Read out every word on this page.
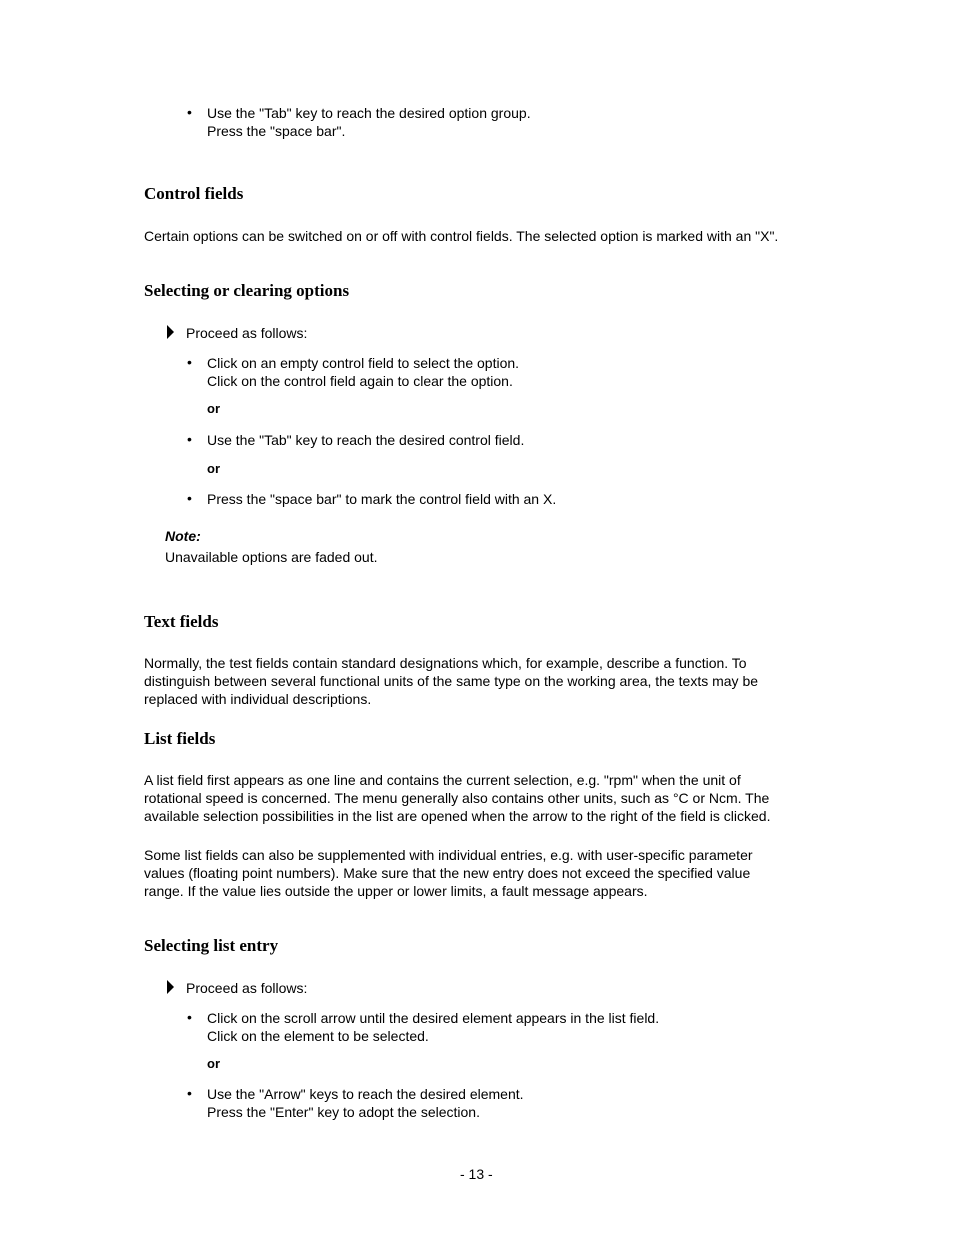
• Use the "Tab" key to reach the desired option group.
Press the "space bar".
Control fields
Certain options can be switched on or off with control fields. The selected option is marked with an "X".
Selecting or clearing options
Proceed as follows:
• Click on an empty control field to select the option.
Click on the control field again to clear the option.
or
• Use the "Tab" key to reach the desired control field.
or
• Press the "space bar" to mark the control field with an X.
Note:
Unavailable options are faded out.
Text fields
Normally, the test fields contain standard designations which, for example, describe a function. To
distinguish between several functional units of the same type on the working area, the texts may be
replaced with individual descriptions.
List fields
A list field first appears as one line and contains the current selection, e.g. "rpm" when the unit of
rotational speed is concerned. The menu generally also contains other units, such as °C or Ncm. The
available selection possibilities in the list are opened when the arrow to the right of the field is clicked.
Some list fields can also be supplemented with individual entries, e.g. with user-specific parameter
values (floating point numbers). Make sure that the new entry does not exceed the specified value
range. If the value lies outside the upper or lower limits, a fault message appears.
Selecting list entry
Proceed as follows:
• Click on the scroll arrow until the desired element appears in the list field.
Click on the element to be selected.
or
• Use the "Arrow" keys to reach the desired element.
Press the "Enter" key to adopt the selection.
- 13 -
